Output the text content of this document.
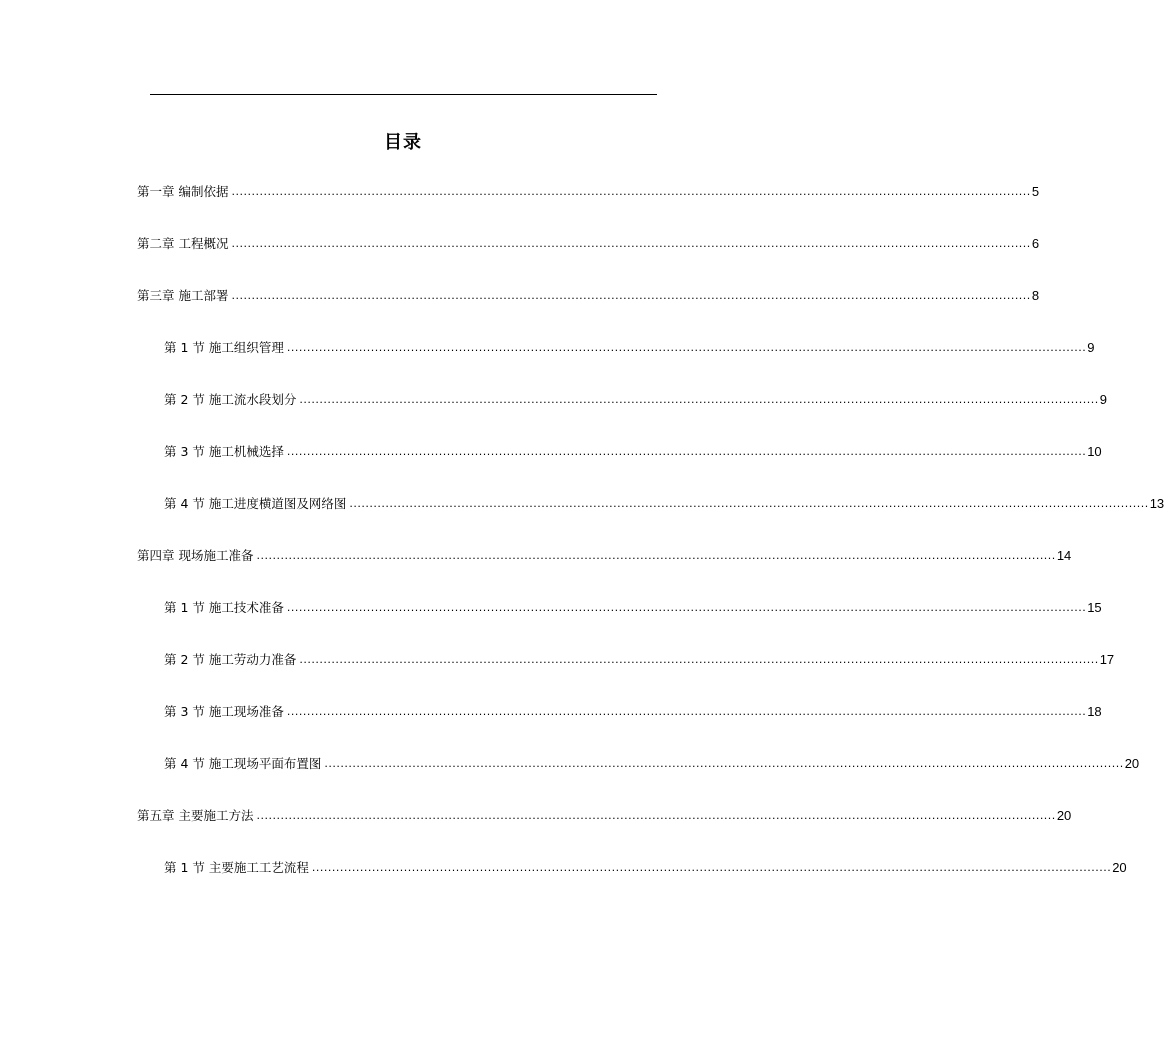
目录
第一章 编制依据 ........................................................................................................................................................................................................ 5
第二章 工程概况 ........................................................................................................................................................................................................ 6
第三章 施工部署 ........................................................................................................................................................................................................ 8
第 1 节 施工组织管理 ........................................................................................................................................................................................................ 9
第 2 节 施工流水段划分 ........................................................................................................................................................................................................ 9
第 3 节 施工机械选择 ........................................................................................................................................................................................................ 10
第 4 节 施工进度横道图及网络图 ........................................................................................................................................................................................................ 13
第四章 现场施工准备 ........................................................................................................................................................................................................ 14
第 1 节 施工技术准备 ........................................................................................................................................................................................................ 15
第 2 节 施工劳动力准备 ........................................................................................................................................................................................................ 17
第 3 节 施工现场准备 ........................................................................................................................................................................................................ 18
第 4 节 施工现场平面布置图 ........................................................................................................................................................................................................ 20
第五章 主要施工方法 ........................................................................................................................................................................................................ 20
第 1 节 主要施工工艺流程 ........................................................................................................................................................................................................ 20
